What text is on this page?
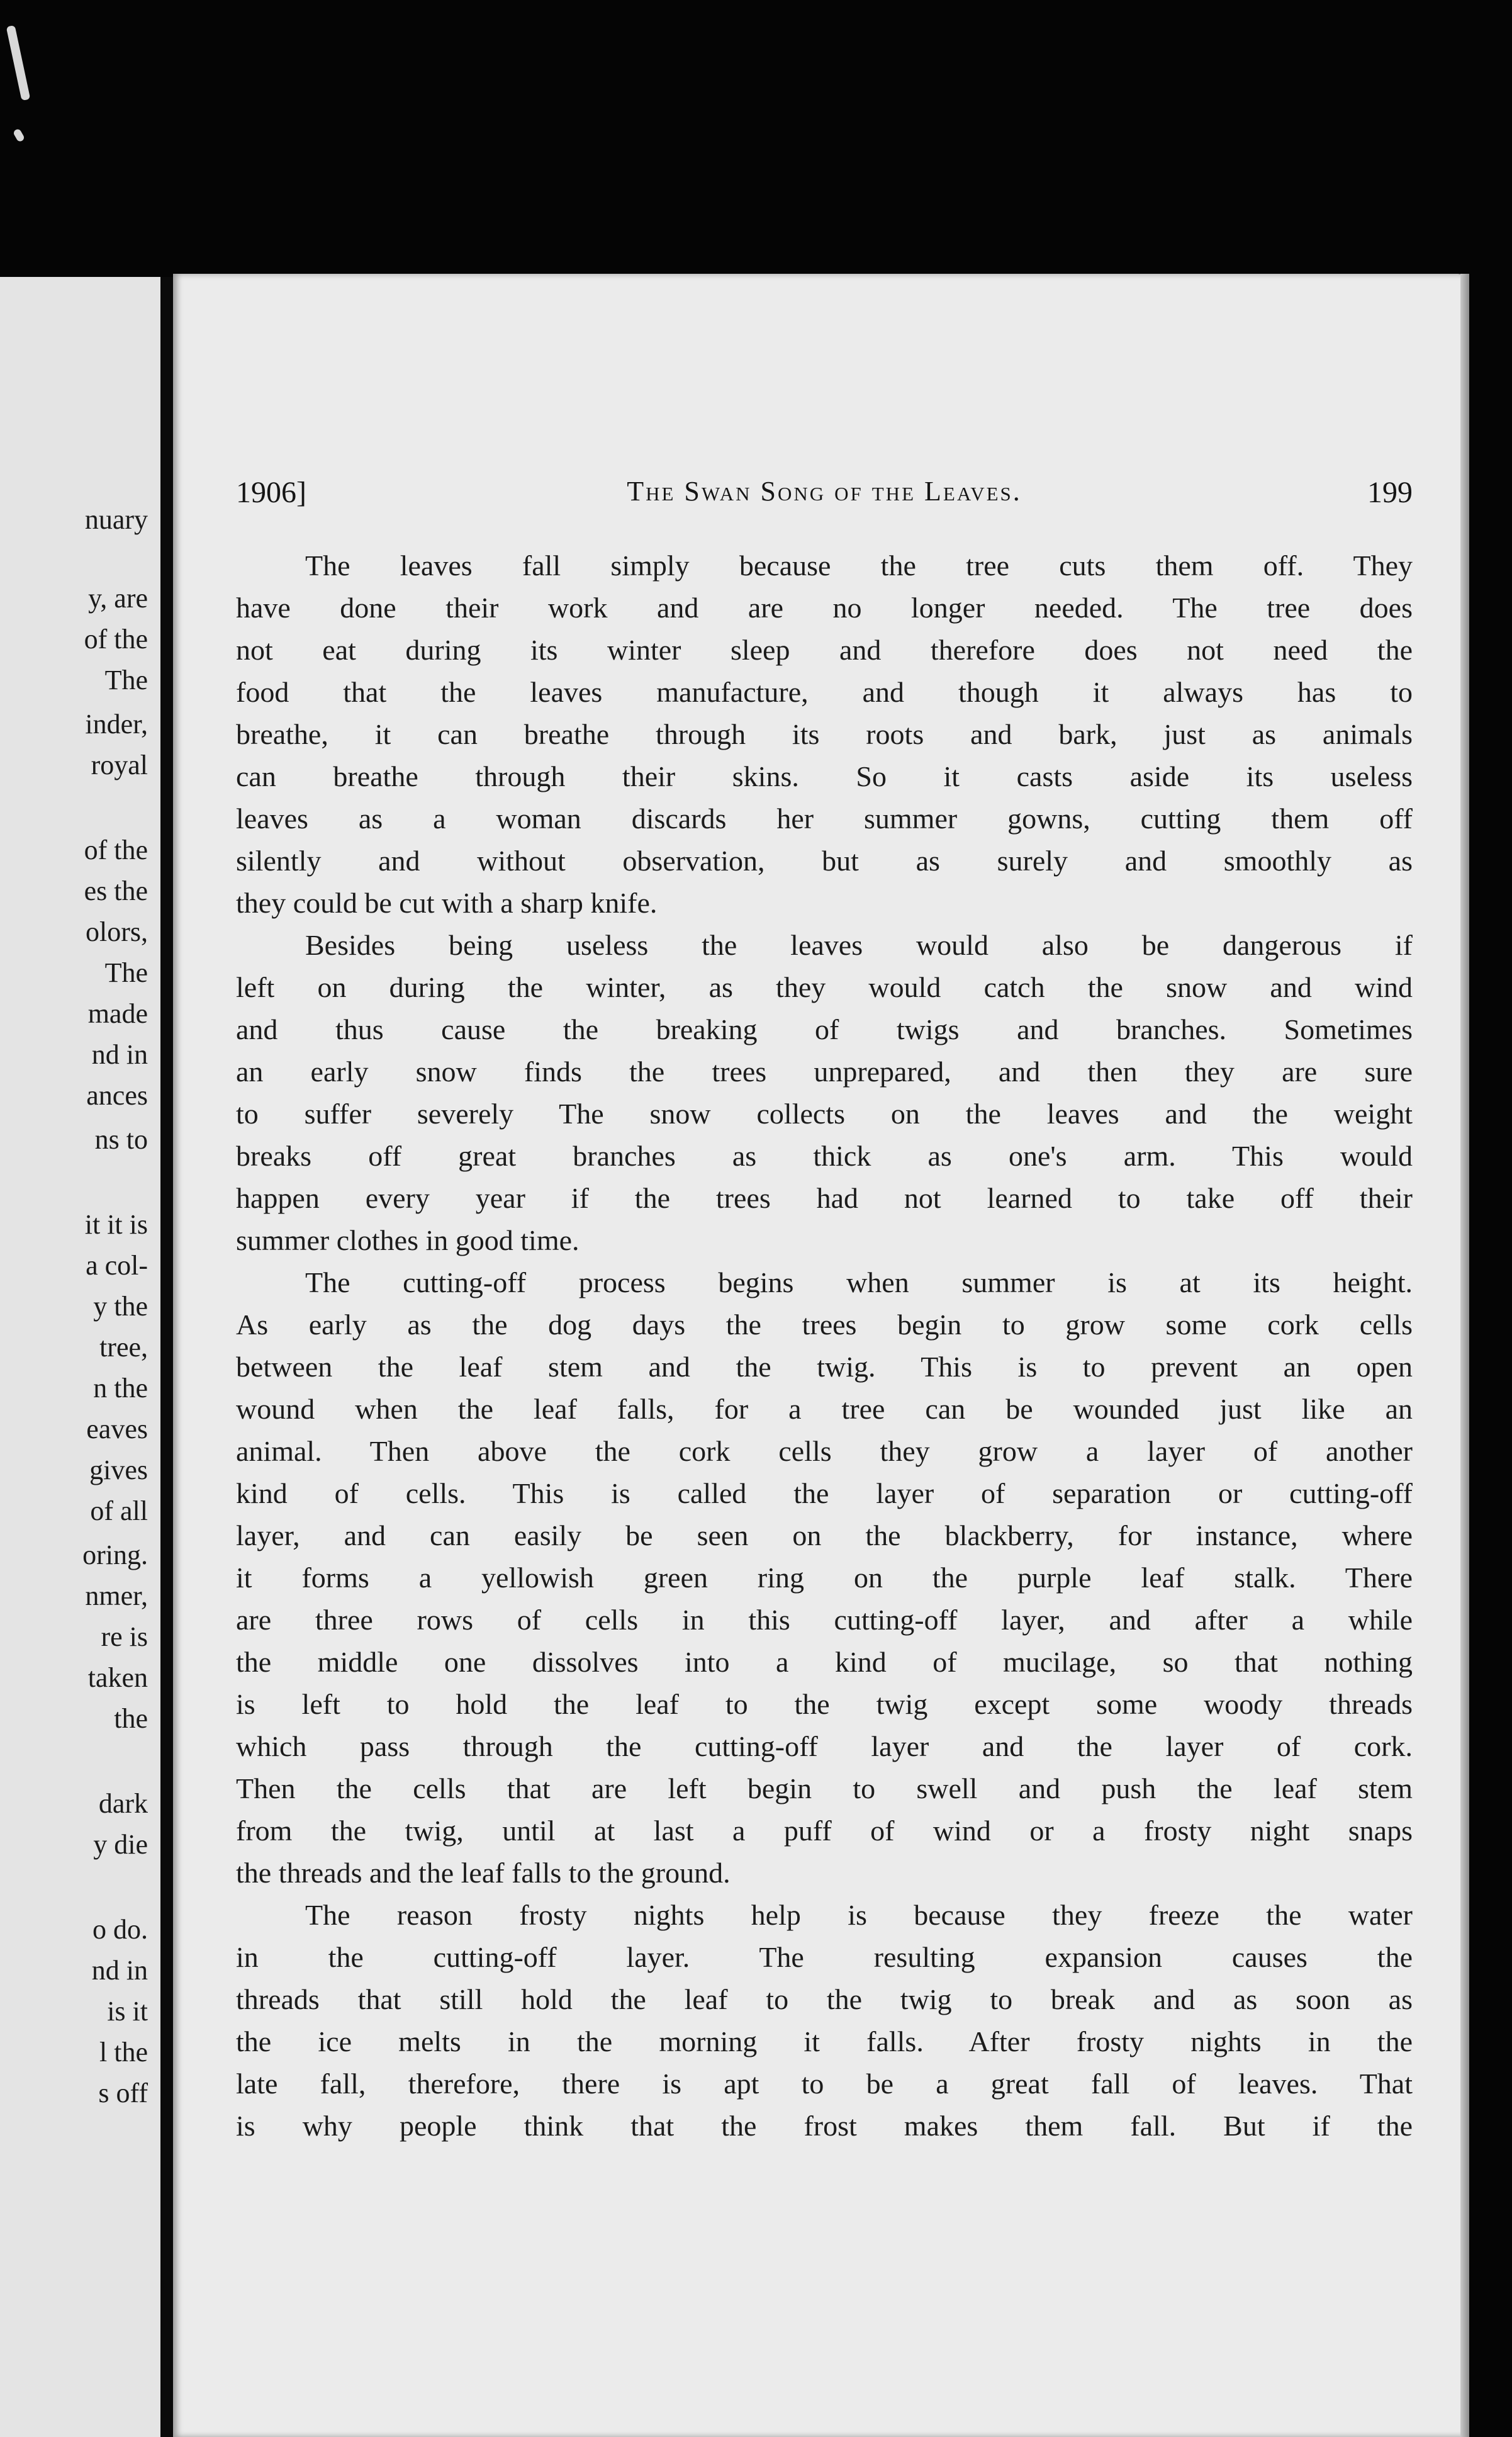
nuary
y, are
of the
The
inder,
royal
of the
es the
olors,
The
made
nd in
ances
ns to
it it is
a col-
y the
tree,
n the
eaves
gives
of all
oring.
nmer,
re is
taken
the
dark
y die
o do.
nd in
is it
l the
s off
1906]	The Swan Song of the Leaves.	199
The leaves fall simply because the tree cuts them off. They
have done their work and are no longer needed. The tree does
not eat during its winter sleep and therefore does not need the
food that the leaves manufacture, and though it always has to
breathe, it can breathe through its roots and bark, just as animals
can breathe through their skins. So it casts aside its useless
leaves as a woman discards her summer gowns, cutting them off
silently and without observation, but as surely and smoothly as
they could be cut with a sharp knife.
Besides being useless the leaves would also be dangerous if
left on during the winter, as they would catch the snow and wind
and thus cause the breaking of twigs and branches. Sometimes
an early snow finds the trees unprepared, and then they are sure
to suffer severely The snow collects on the leaves and the weight
breaks off great branches as thick as one's arm. This would
happen every year if the trees had not learned to take off their
summer clothes in good time.
The cutting-off process begins when summer is at its height.
As early as the dog days the trees begin to grow some cork cells
between the leaf stem and the twig. This is to prevent an open
wound when the leaf falls, for a tree can be wounded just like an
animal. Then above the cork cells they grow a layer of another
kind of cells. This is called the layer of separation or cutting-off
layer, and can easily be seen on the blackberry, for instance, where
it forms a yellowish green ring on the purple leaf stalk. There
are three rows of cells in this cutting-off layer, and after a while
the middle one dissolves into a kind of mucilage, so that nothing
is left to hold the leaf to the twig except some woody threads
which pass through the cutting-off layer and the layer of cork.
Then the cells that are left begin to swell and push the leaf stem
from the twig, until at last a puff of wind or a frosty night snaps
the threads and the leaf falls to the ground.
The reason frosty nights help is because they freeze the water
in the cutting-off layer. The resulting expansion causes the
threads that still hold the leaf to the twig to break and as soon as
the ice melts in the morning it falls. After frosty nights in the
late fall, therefore, there is apt to be a great fall of leaves. That
is why people think that the frost makes them fall. But if the
